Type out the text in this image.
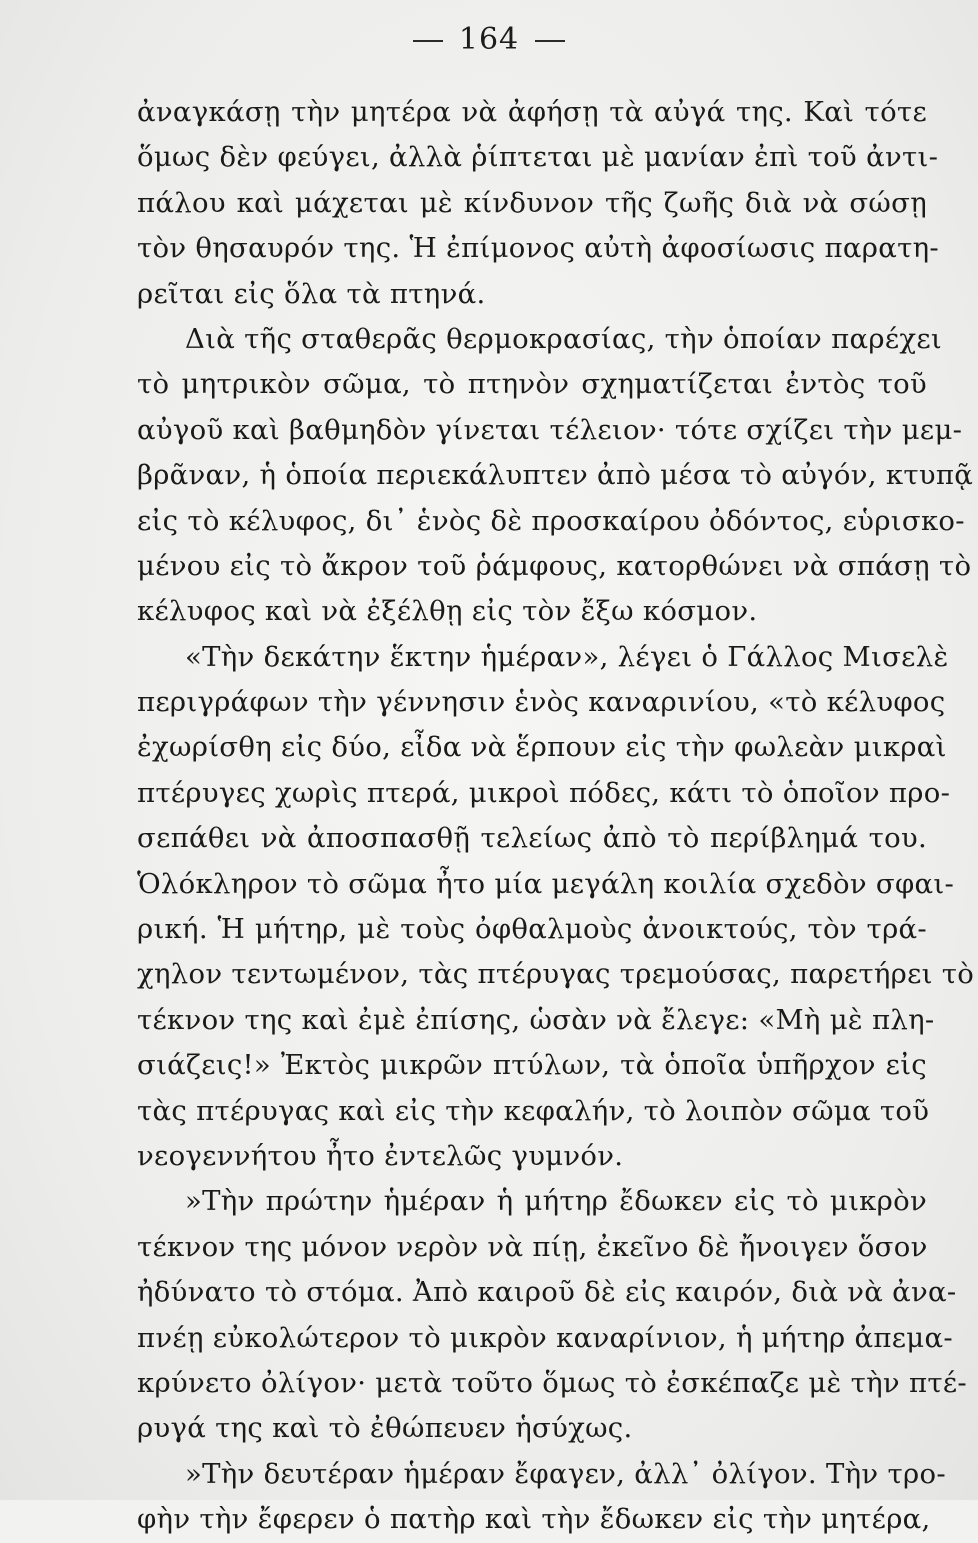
164
ἀναγκάσῃ τὴν μητέρα νὰ ἀφήσῃ τὰ αὐγά της. Καὶ τότε
ὅμως δὲν φεύγει, ἀλλὰ ῥίπτεται μὲ μανίαν ἐπὶ τοῦ ἀντι-
πάλου καὶ μάχεται μὲ κίνδυνον τῆς ζωῆς διὰ νὰ σώσῃ
τὸν θησαυρόν της. Ἡ ἐπίμονος αὐτὴ ἀφοσίωσις παρατη-
ρεῖται εἰς ὅλα τὰ πτηνά.
Διὰ τῆς σταθερᾶς θερμοκρασίας, τὴν ὁποίαν παρέχει
τὸ μητρικὸν σῶμα, τὸ πτηνὸν σχηματίζεται ἐντὸς τοῦ
αὐγοῦ καὶ βαθμηδὸν γίνεται τέλειον· τότε σχίζει τὴν μεμ-
βρᾶναν, ἡ ὁποία περιεκάλυπτεν ἀπὸ μέσα τὸ αὐγόν, κτυπᾷ
εἰς τὸ κέλυφος, δι᾽ ἑνὸς δὲ προσκαίρου ὀδόντος, εὑρισκο-
μένου εἰς τὸ ἄκρον τοῦ ῥάμφους, κατορθώνει νὰ σπάσῃ τὸ
κέλυφος καὶ νὰ ἐξέλθῃ εἰς τὸν ἔξω κόσμον.
«Τὴν δεκάτην ἕκτην ἡμέραν», λέγει ὁ Γάλλος Μισελὲ
περιγράφων τὴν γέννησιν ἑνὸς καναρινίου, «τὸ κέλυφος
ἐχωρίσθη εἰς δύο, εἶδα νὰ ἕρπουν εἰς τὴν φωλεὰν μικραὶ
πτέρυγες χωρὶς πτερά, μικροὶ πόδες, κάτι τὸ ὁποῖον προ-
σεπάθει νὰ ἀποσπασθῇ τελείως ἀπὸ τὸ περίβλημά του.
Ὁλόκληρον τὸ σῶμα ἦτο μία μεγάλη κοιλία σχεδὸν σφαι-
ρική. Ἡ μήτηρ, μὲ τοὺς ὀφθαλμοὺς ἀνοικτούς, τὸν τρά-
χηλον τεντωμένον, τὰς πτέρυγας τρεμούσας, παρετήρει τὸ
τέκνον της καὶ ἐμὲ ἐπίσης, ὡσὰν νὰ ἔλεγε: «Μὴ μὲ πλη-
σιάζεις!» Ἐκτὸς μικρῶν πτύλων, τὰ ὁποῖα ὑπῆρχον εἰς
τὰς πτέρυγας καὶ εἰς τὴν κεφαλήν, τὸ λοιπὸν σῶμα τοῦ
νεογεννήτου ἦτο ἐντελῶς γυμνόν.
»Τὴν πρώτην ἡμέραν ἡ μήτηρ ἔδωκεν εἰς τὸ μικρὸν
τέκνον της μόνον νερὸν νὰ πίῃ, ἐκεῖνο δὲ ἤνοιγεν ὅσον
ἠδύνατο τὸ στόμα. Ἀπὸ καιροῦ δὲ εἰς καιρόν, διὰ νὰ ἀνα-
πνέῃ εὐκολώτερον τὸ μικρὸν καναρίνιον, ἡ μήτηρ ἀπεμα-
κρύνετο ὀλίγον· μετὰ τοῦτο ὅμως τὸ ἐσκέπαζε μὲ τὴν πτέ-
ρυγά της καὶ τὸ ἐθώπευεν ἡσύχως.
»Τὴν δευτέραν ἡμέραν ἔφαγεν, ἀλλ᾽ ὀλίγον. Τὴν τρο-
φὴν τὴν ἔφερεν ὁ πατὴρ καὶ τὴν ἔδωκεν εἰς τὴν μητέρα,
